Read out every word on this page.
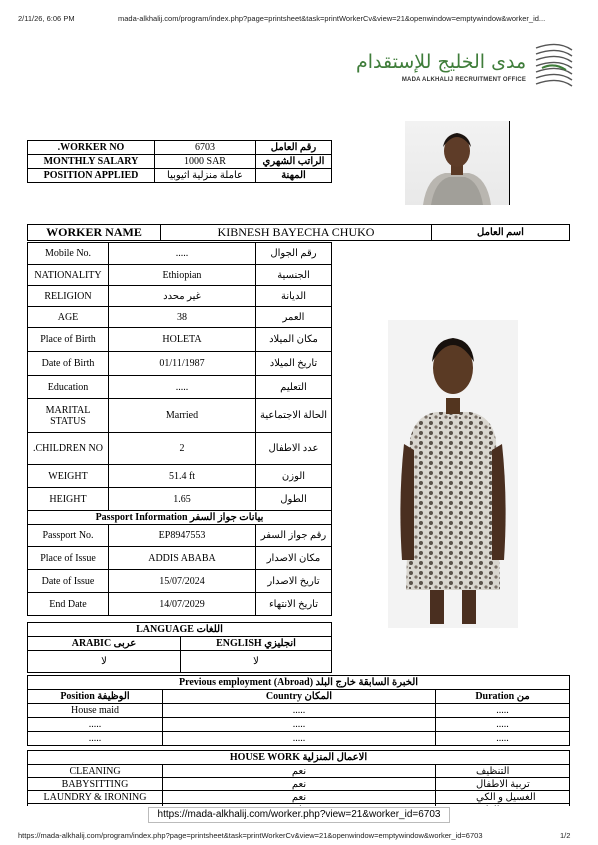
2/11/26, 6:06 PM	mada-alkhalij.com/program/index.php?page=printsheet&task=printWorkerCv&view=21&openwindow=emptywindow&worker_id...
مدى الخليج للإستقدام
MADA ALKHALIJ RECRUITMENT OFFICE
.WORKER NO	6703	رقم العامل
MONTHLY SALARY	1000 SAR	الراتب الشهري
POSITION APPLIED	عاملة منزلية اثيوبيا	المهنة
WORKER NAME	KIBNESH BAYECHA CHUKO	اسم العامل
Mobile No.	.....	رقم الجوال
NATIONALITY	Ethiopian	الجنسية
RELIGION	غير محدد	الديانة
AGE	38	العمر
Place of Birth	HOLETA	مكان الميلاد
Date of Birth	01/11/1987	تاريخ الميلاد
Education	.....	التعليم
MARITAL STATUS	Married	الحالة الاجتماعية
.CHILDREN NO	2	عدد الاطفال
WEIGHT	51.4 ft	الوزن
HEIGHT	1.65	الطول
Passport Information بيانات جواز السفر		
Passport No.	EP8947553	رقم جواز السفر
Place of Issue	ADDIS ABABA	مكان الاصدار
Date of Issue	15/07/2024	تاريخ الاصدار
End Date	14/07/2029	تاريخ الانتهاء
LANGUAGE اللغات
ARABIC عربى	ENGLISH انجليزي
لا	لا
Previous employment (Abroad) الخبرة السابقة خارج البلد		
Position الوظيفة	Country المكان	Duration من
House maid	.....	.....
.....	.....	.....
.....	.....	.....
HOUSE WORK الاعمال المنزلية		
CLEANING	نعم	التنظيف
BABYSITTING	نعم	تربية الاطفال
LAUNDRY & IRONING	نعم	الغسيل و الكي

https://mada-alkhalij.com/worker.php?view=21&worker_id=6703
https://mada-alkhalij.com/program/index.php?page=printsheet&task=printWorkerCv&view=21&openwindow=emptywindow&worker_id=6703	1/2
